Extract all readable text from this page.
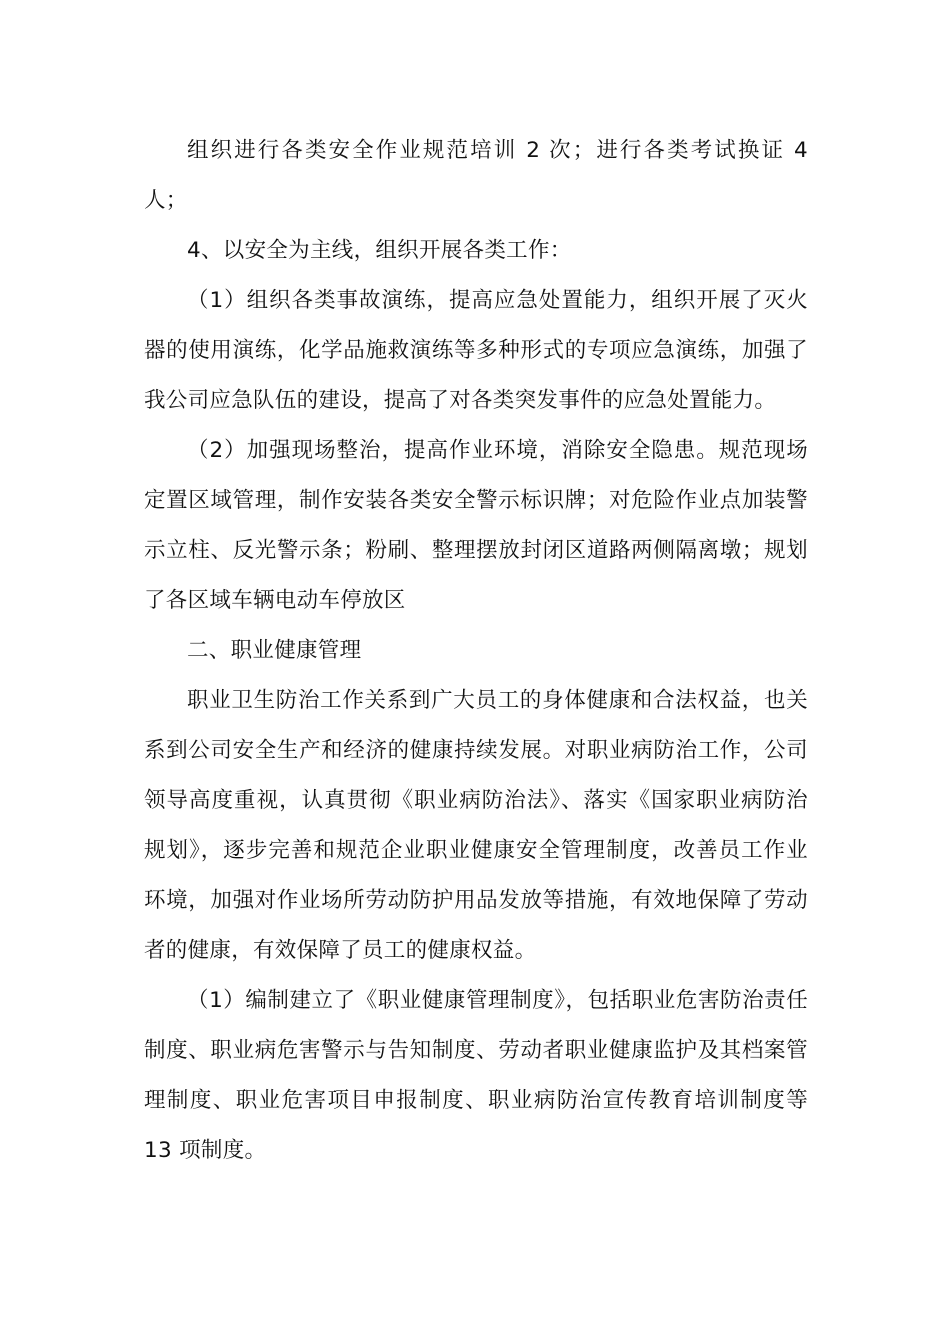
组织进行各类安全作业规范培训 2 次；进行各类考试换证 4 人；

4、以安全为主线，组织开展各类工作：

（1）组织各类事故演练，提高应急处置能力，组织开展了灭火器的使用演练，化学品施救演练等多种形式的专项应急演练，加强了我公司应急队伍的建设，提高了对各类突发事件的应急处置能力。

（2）加强现场整治，提高作业环境，消除安全隐患。规范现场定置区域管理，制作安装各类安全警示标识牌；对危险作业点加装警示立柱、反光警示条；粉刷、整理摆放封闭区道路两侧隔离墩；规划了各区域车辆电动车停放区

二、职业健康管理

职业卫生防治工作关系到广大员工的身体健康和合法权益，也关系到公司安全生产和经济的健康持续发展。对职业病防治工作，公司领导高度重视，认真贯彻《职业病防治法》、落实《国家职业病防治规划》，逐步完善和规范企业职业健康安全管理制度，改善员工作业环境，加强对作业场所劳动防护用品发放等措施，有效地保障了劳动者的健康，有效保障了员工的健康权益。

（1）编制建立了《职业健康管理制度》，包括职业危害防治责任制度、职业病危害警示与告知制度、劳动者职业健康监护及其档案管理制度、职业危害项目申报制度、职业病防治宣传教育培训制度等 13 项制度。
